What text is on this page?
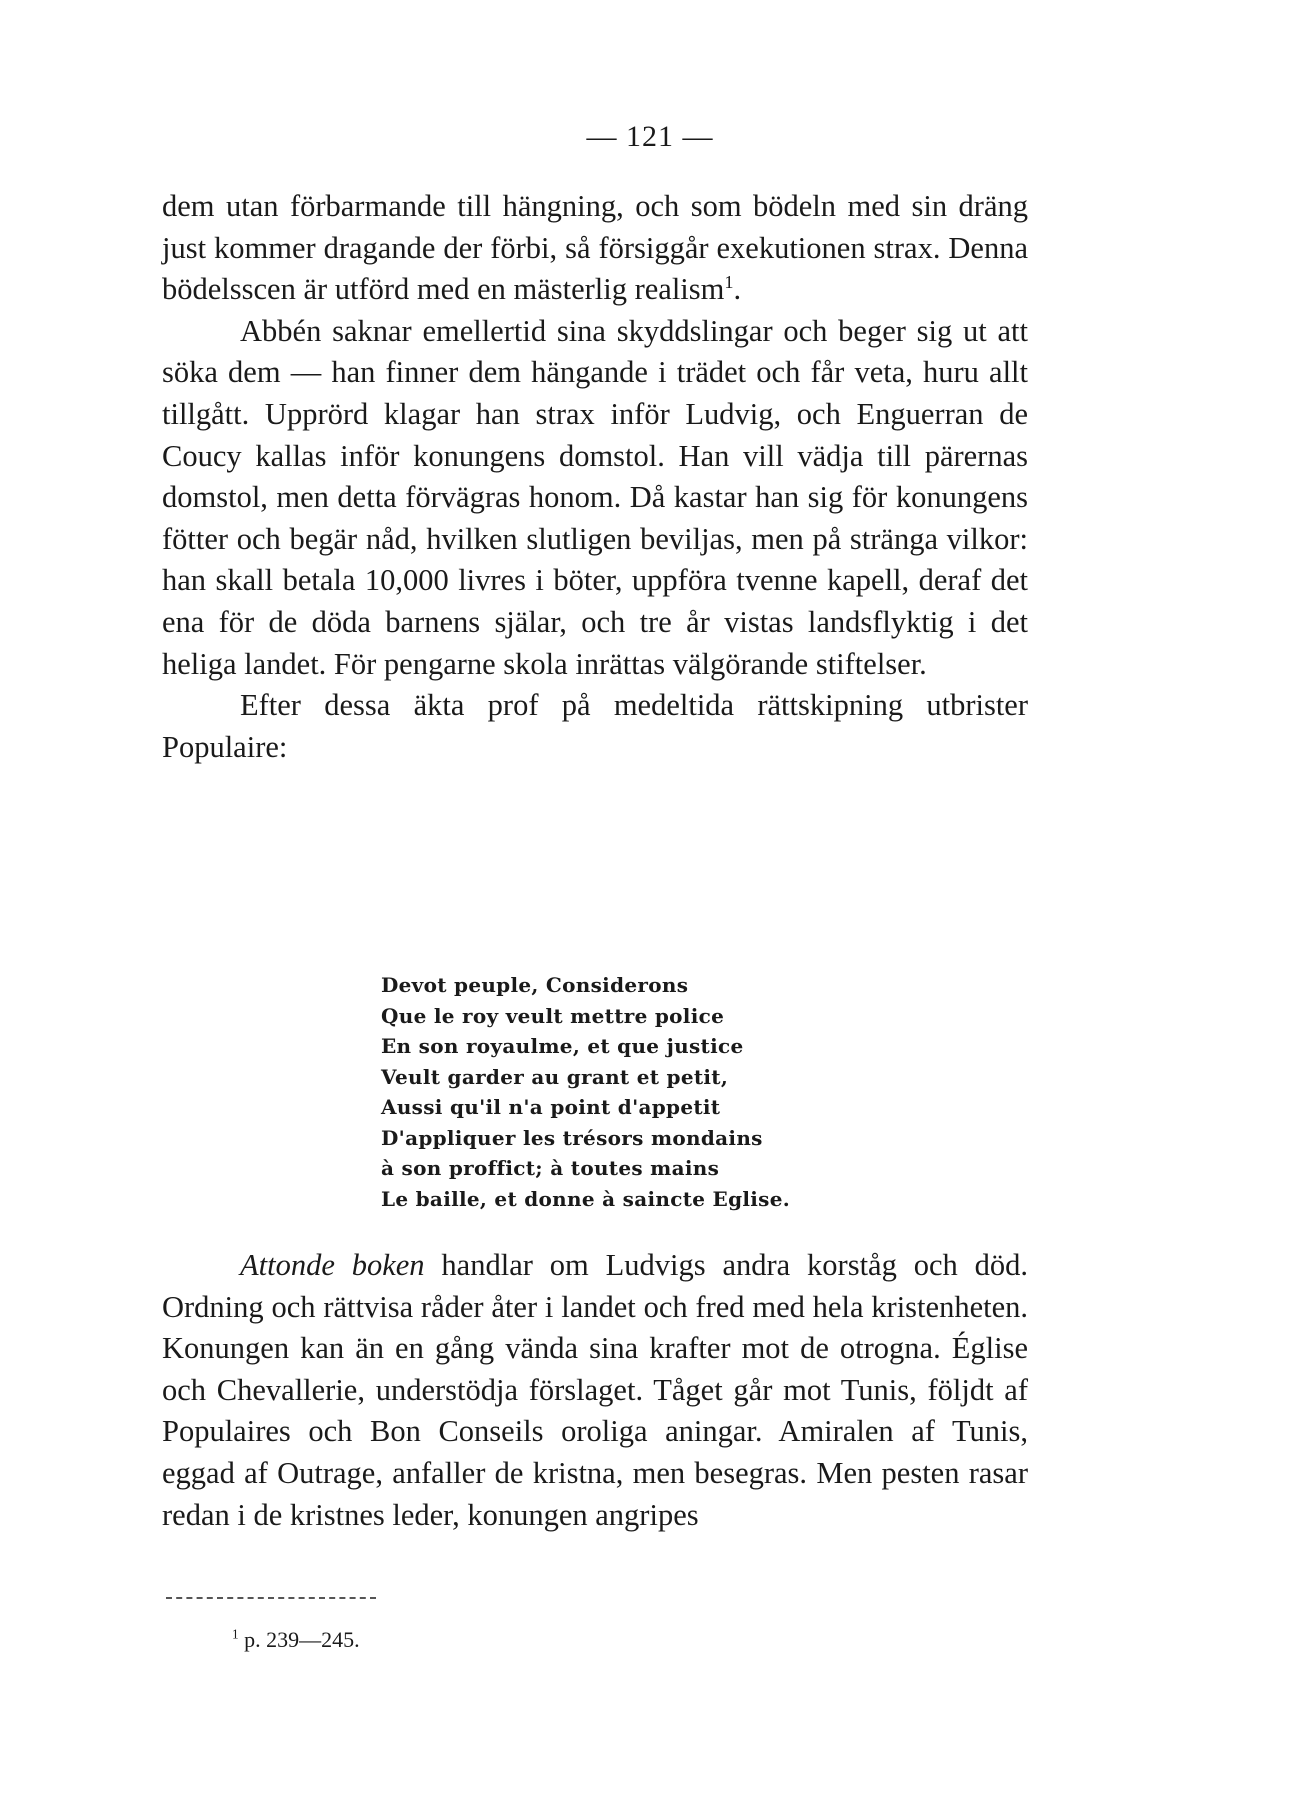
— 121 —

dem utan förbarmande till hängning, och som bödeln med sin dräng just kommer dragande der förbi, så försiggår exekutionen strax. Denna bödelsscen är utförd med en mästerlig realism$^1$.

Abbén saknar emellertid sina skyddslingar och beger sig ut att söka dem — han finner dem hängande i trädet och får veta, huru allt tillgått. Upprörd klagar han strax inför Ludvig, och Enguerran de Coucy kallas inför konungens domstol. Han vill vädja till pärernas domstol, men detta förvägras honom. Då kastar han sig för konungens fötter och begär nåd, hvilken slutligen beviljas, men på stränga vilkor: han skall betala 10,000 livres i böter, uppföra tvenne kapell, deraf det ena för de döda barnens själar, och tre år vistas landsflyktig i det heliga landet. För pengarne skola inrättas välgörande stiftelser.

Efter dessa äkta prof på medeltida rättskipning utbrister Populaire:

Devot peuple, Considerons
Que le roy veult mettre police
En son royaulme, et que justice
Veult garder au grant et petit,
Aussi qu'il n'a point d'appetit
D'appliquer les trésors mondains
à son proffict; à toutes mains
Le baille, et donne à saincte Eglise.

Attonde boken handlar om Ludvigs andra korståg och död. Ordning och rättvisa råder åter i landet och fred med hela kristenheten. Konungen kan än en gång vända sina krafter mot de otrogna. Église och Chevallerie, understödja förslaget. Tåget går mot Tunis, följdt af Populaires och Bon Conseils oroliga aningar. Amiralen af Tunis, eggad af Outrage, anfaller de kristna, men besegras. Men pesten rasar redan i de kristnes leder, konungen angripes

$^1$ p. 239—245.
